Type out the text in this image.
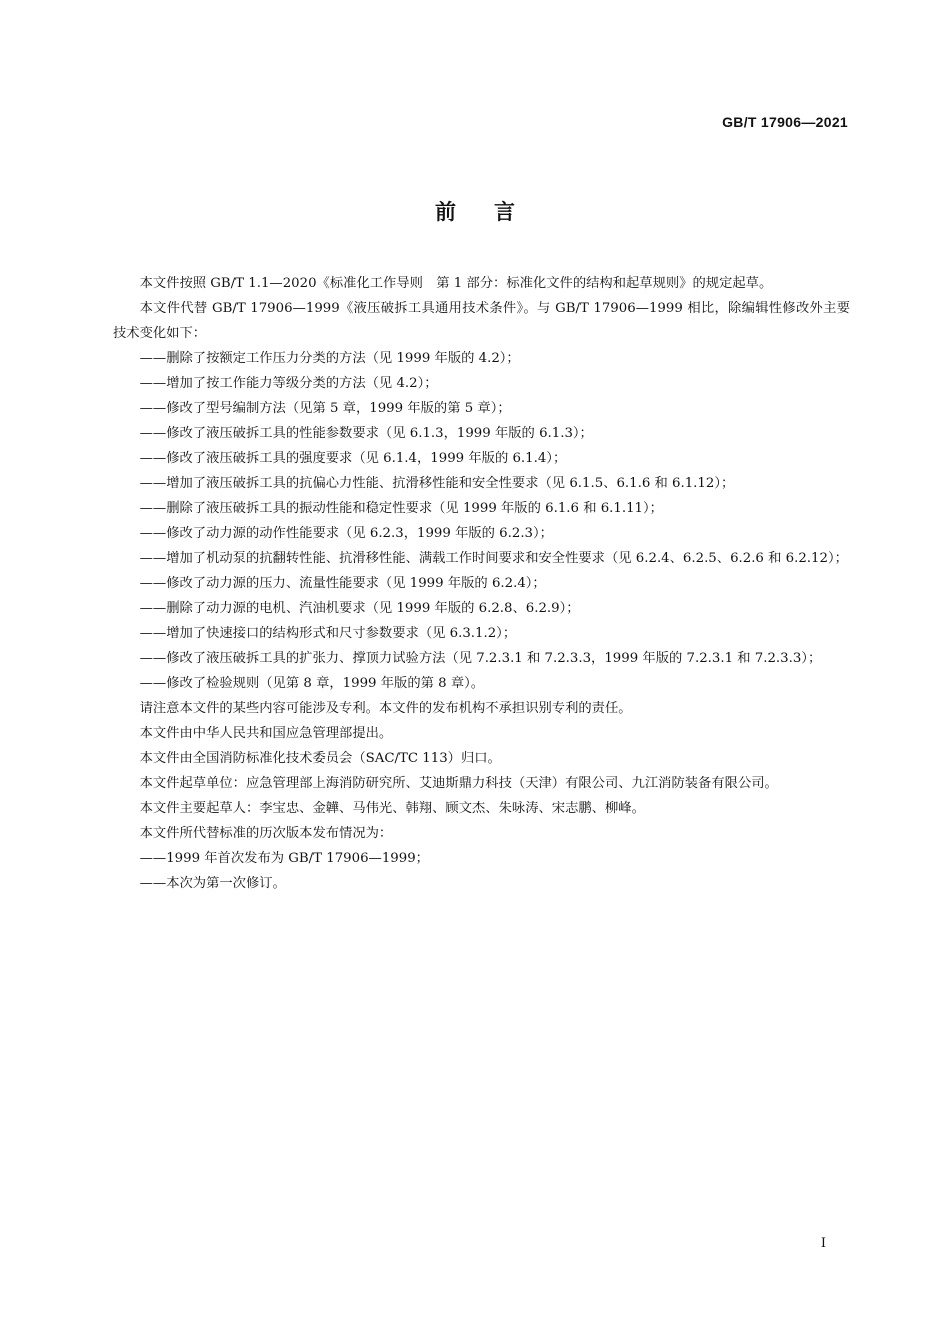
GB/T 17906—2021
前言

本文件按照 GB/T 1.1—2020《标准化工作导则　第 1 部分：标准化文件的结构和起草规则》的规定起草。

本文件代替 GB/T 17906—1999《液压破拆工具通用技术条件》。与 GB/T 17906—1999 相比，除编辑性修改外主要技术变化如下：

——删除了按额定工作压力分类的方法（见 1999 年版的 4.2）；

——增加了按工作能力等级分类的方法（见 4.2）；

——修改了型号编制方法（见第 5 章，1999 年版的第 5 章）；

——修改了液压破拆工具的性能参数要求（见 6.1.3，1999 年版的 6.1.3）；

——修改了液压破拆工具的强度要求（见 6.1.4，1999 年版的 6.1.4）；

——增加了液压破拆工具的抗偏心力性能、抗滑移性能和安全性要求（见 6.1.5、6.1.6 和 6.1.12）；

——删除了液压破拆工具的振动性能和稳定性要求（见 1999 年版的 6.1.6 和 6.1.11）；

——修改了动力源的动作性能要求（见 6.2.3，1999 年版的 6.2.3）；

——增加了机动泵的抗翻转性能、抗滑移性能、满载工作时间要求和安全性要求（见 6.2.4、6.2.5、6.2.6 和 6.2.12）；

——修改了动力源的压力、流量性能要求（见 1999 年版的 6.2.4）；

——删除了动力源的电机、汽油机要求（见 1999 年版的 6.2.8、6.2.9）；

——增加了快速接口的结构形式和尺寸参数要求（见 6.3.1.2）；

——修改了液压破拆工具的扩张力、撑顶力试验方法（见 7.2.3.1 和 7.2.3.3，1999 年版的 7.2.3.1 和 7.2.3.3）；

——修改了检验规则（见第 8 章，1999 年版的第 8 章）。

请注意本文件的某些内容可能涉及专利。本文件的发布机构不承担识别专利的责任。

本文件由中华人民共和国应急管理部提出。

本文件由全国消防标准化技术委员会（SAC/TC 113）归口。

本文件起草单位：应急管理部上海消防研究所、艾迪斯鼎力科技（天津）有限公司、九江消防装备有限公司。

本文件主要起草人：李宝忠、金韡、马伟光、韩翔、顾文杰、朱咏涛、宋志鹏、柳峰。

本文件所代替标准的历次版本发布情况为：

——1999 年首次发布为 GB/T 17906—1999；

——本次为第一次修订。

I
